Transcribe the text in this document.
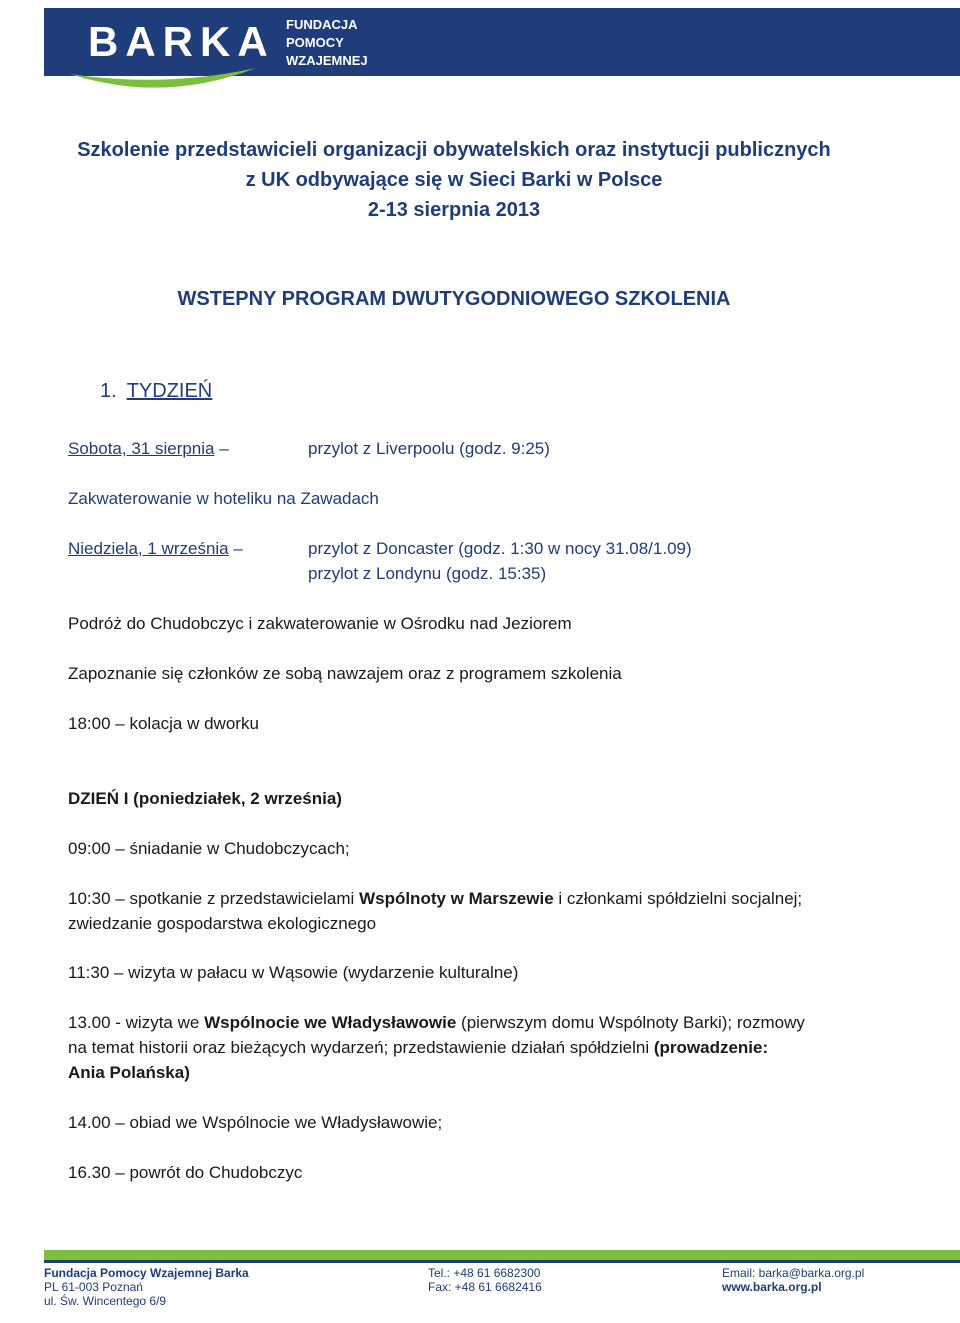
BARKA FUNDACJA
POMOCY
WZAJEMNEJ
Szkolenie przedstawicieli organizacji obywatelskich oraz instytucji publicznych
z UK odbywające się w Sieci Barki w Polsce
2-13 sierpnia 2013
WSTEPNY PROGRAM DWUTYGODNIOWEGO SZKOLENIA
1. TYDZIEŃ
Sobota, 31 sierpnia –	przylot z Liverpoolu (godz. 9:25)
Zakwaterowanie w hoteliku na Zawadach
Niedziela, 1 września –	przylot z Doncaster (godz. 1:30 w nocy 31.08/1.09)
przylot z Londynu (godz. 15:35)
Podróż do Chudobczyc i zakwaterowanie w Ośrodku nad Jeziorem
Zapoznanie się członków ze sobą nawzajem oraz z programem szkolenia
18:00 – kolacja w dworku
DZIEŃ I (poniedziałek, 2 września)
09:00 – śniadanie w Chudobczycach;
10:30 – spotkanie z przedstawicielami Wspólnoty w Marszewie i członkami spółdzielni socjalnej; zwiedzanie gospodarstwa ekologicznego
11:30 – wizyta w pałacu w Wąsowie (wydarzenie kulturalne)
13.00 - wizyta we Wspólnocie we Władysławowie (pierwszym domu Wspólnoty Barki); rozmowy na temat historii oraz bieżących wydarzeń; przedstawienie działań spółdzielni (prowadzenie: Ania Polańska)
14.00 – obiad we Wspólnocie we Władysławowie;
16.30 – powrót do Chudobczyc
Fundacja Pomocy Wzajemnej Barka
PL 61-003 Poznań
ul. Św. Wincentego 6/9
Tel.: +48 61 6682300
Fax: +48 61 6682416
Email: barka@barka.org.pl
www.barka.org.pl
